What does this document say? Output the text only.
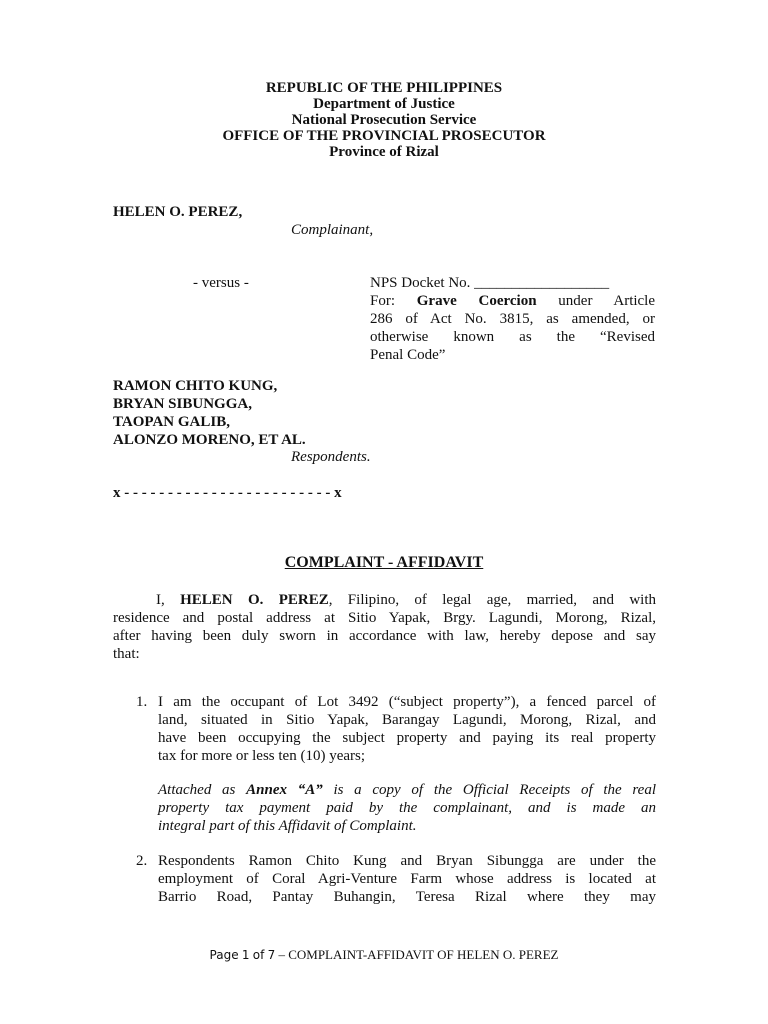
REPUBLIC OF THE PHILIPPINES
Department of Justice
National Prosecution Service
OFFICE OF THE PROVINCIAL PROSECUTOR
Province of Rizal
HELEN O. PEREZ,
Complainant,
- versus -	NPS Docket No. __________________
For: Grave Coercion under Article
286 of Act No. 3815, as amended, or
otherwise known as the “Revised
Penal Code”
RAMON CHITO KUNG,
BRYAN SIBUNGGA,
TAOPAN GALIB,
ALONZO MORENO, ET AL.
Respondents.
x - - - - - - - - - - - - - - - - - - - - - - - - x
COMPLAINT - AFFIDAVIT
I, HELEN O. PEREZ, Filipino, of legal age, married, and with
residence and postal address at Sitio Yapak, Brgy. Lagundi, Morong, Rizal,
after having been duly sworn in accordance with law, hereby depose and say
that:
1. I am the occupant of Lot 3492 (“subject property”), a fenced parcel of
land, situated in Sitio Yapak, Barangay Lagundi, Morong, Rizal, and
have been occupying the subject property and paying its real property
tax for more or less ten (10) years;
Attached as Annex “A” is a copy of the Official Receipts of the real
property tax payment paid by the complainant, and is made an
integral part of this Affidavit of Complaint.
2. Respondents Ramon Chito Kung and Bryan Sibungga are under the
employment of Coral Agri-Venture Farm whose address is located at
Barrio Road, Pantay Buhangin, Teresa Rizal where they may
Page 1 of 7 – COMPLAINT-AFFIDAVIT OF HELEN O. PEREZ
